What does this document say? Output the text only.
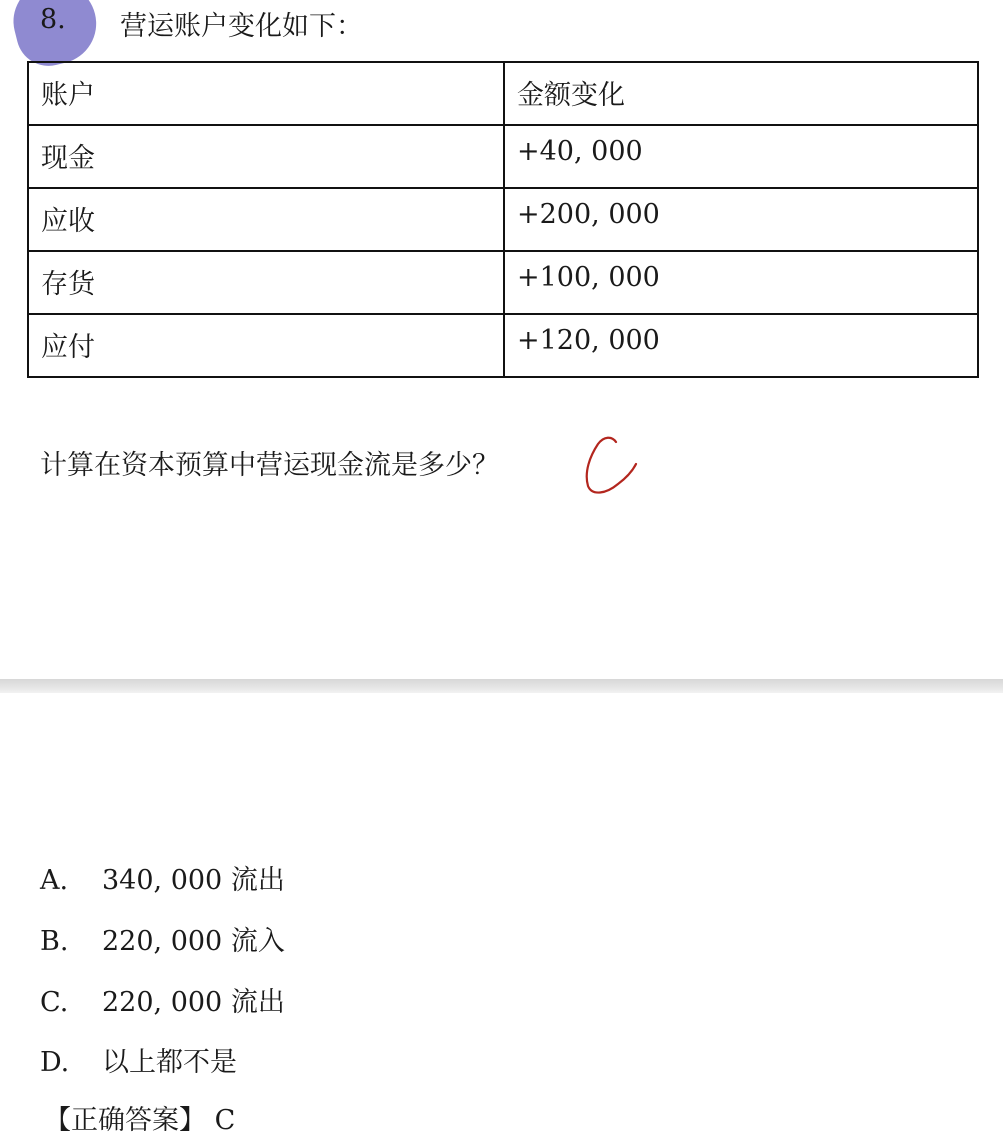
8. 营运账户变化如下：
账户	金额变化
现金	+40, 000
应收	+200, 000
存货	+100, 000
应付	+120, 000
计算在资本预算中营运现金流是多少？
A. 340, 000 流出
B. 220, 000 流入
C. 220, 000 流出
D. 以上都不是
【正确答案】 C
